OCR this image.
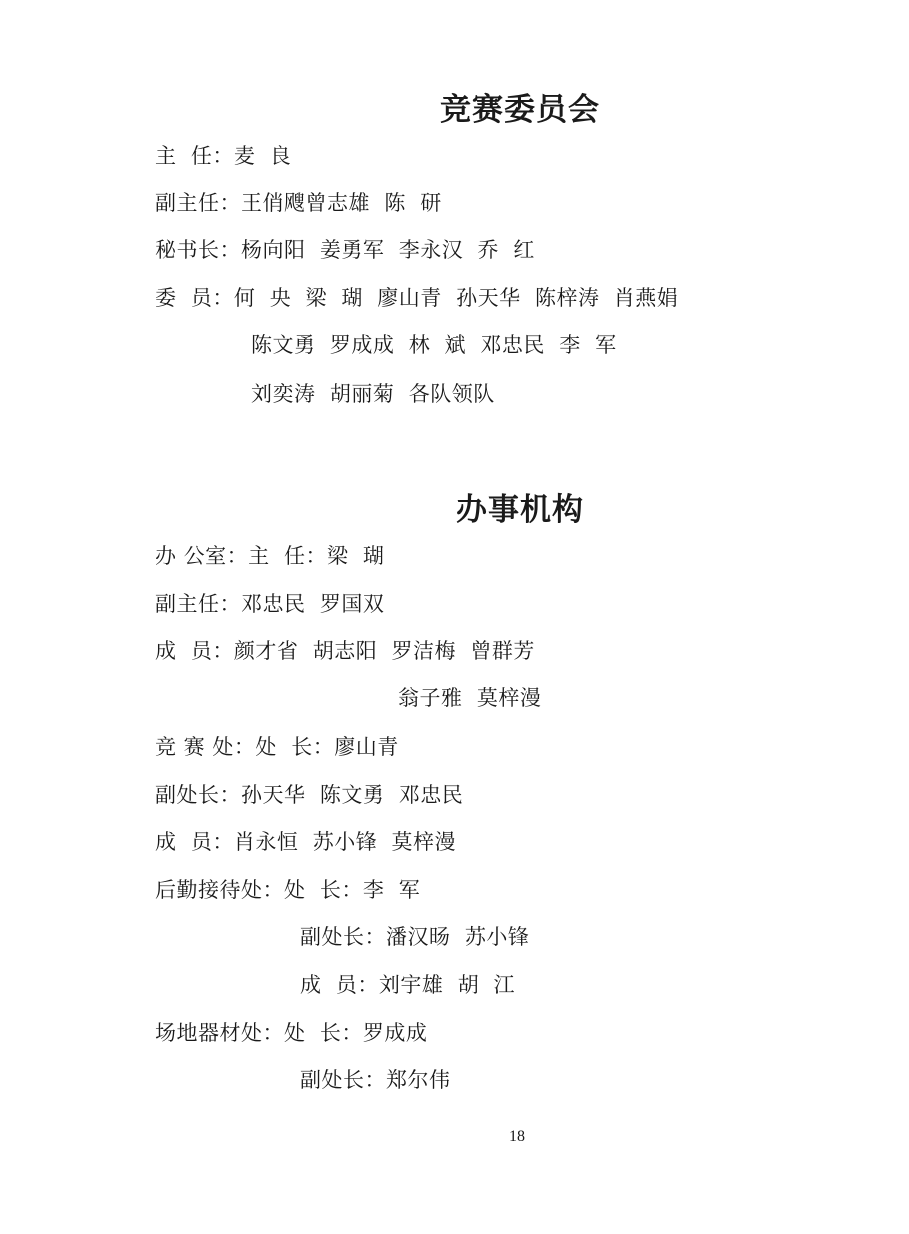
竞赛委员会

主  任：麦  良

副主任：王俏飕曾志雄  陈  研

秘书长：杨向阳  姜勇军  李永汉  乔  红

委  员：何  央  梁  瑚  廖山青  孙天华  陈梓涛  肖燕娟

陈文勇  罗成成  林  斌  邓忠民  李  军

刘奕涛  胡丽菊  各队领队

办事机构

办 公室：主  任：梁  瑚

副主任：邓忠民  罗国双

成  员：颜才省  胡志阳  罗洁梅  曾群芳

翁子雅  莫梓漫

竞 赛 处：处  长：廖山青

副处长：孙天华  陈文勇  邓忠民

成  员：肖永恒  苏小锋  莫梓漫

后勤接待处：处  长：李  军

副处长：潘汉旸  苏小锋

成  员：刘宇雄  胡  江

场地器材处：处  长：罗成成

副处长：郑尔伟

18
